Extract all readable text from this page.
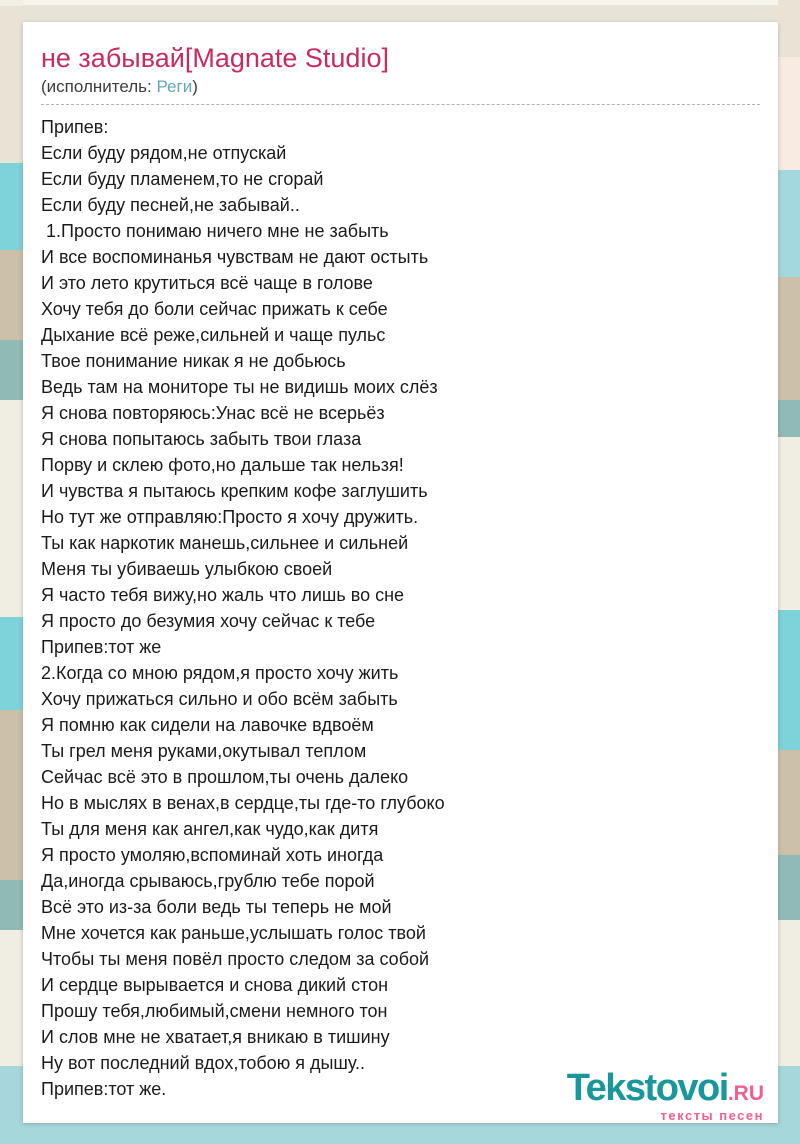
не забывай[Magnate Studio]
(исполнитель: Реги)
Припев:
Если буду рядом,не отпускай
Если буду пламенем,то не сгорай
Если буду песней,не забывай..
1.Просто понимаю ничего мне не забыть
И все воспоминанья чувствам не дают остыть
И это лето крутиться всё чаще в голове
Хочу тебя до боли сейчас прижать к себе
Дыхание всё реже,сильней и чаще пульс
Твое понимание никак я не добьюсь
Ведь там на мониторе ты не видишь моих слёз
Я снова повторяюсь:Унас всё не всерьёз
Я снова попытаюсь забыть твои глаза
Порву и склею фото,но дальше так нельзя!
И чувства я пытаюсь крепким кофе заглушить
Но тут же отправляю:Просто я хочу дружить.
Ты как наркотик манешь,сильнее и сильней
Меня ты убиваешь улыбкою своей
Я часто тебя вижу,но жаль что лишь во сне
Я просто до безумия хочу сейчас к тебе
Припев:тот же
2.Когда со мною рядом,я просто хочу жить
Хочу прижаться сильно и обо всём забыть
Я помню как сидели на лавочке вдвоём
Ты грел меня руками,окутывал теплом
Сейчас всё это в прошлом,ты очень далеко
Но в мыслях в венах,в сердце,ты где-то глубоко
Ты для меня как ангел,как чудо,как дитя
Я просто умоляю,вспоминай хоть иногда
Да,иногда срываюсь,грублю тебе порой
Всё это из-за боли ведь ты теперь не мой
Мне хочется как раньше,услышать голос твой
Чтобы ты меня повёл просто следом за собой
И сердце вырывается и снова дикий стон
Прошу тебя,любимый,смени немного тон
И слов мне не хватает,я вникаю в тишину
Ну вот последний вдох,тобою я дышу..
Припев:тот же.	Tekstovoi.RU
тексты песен
